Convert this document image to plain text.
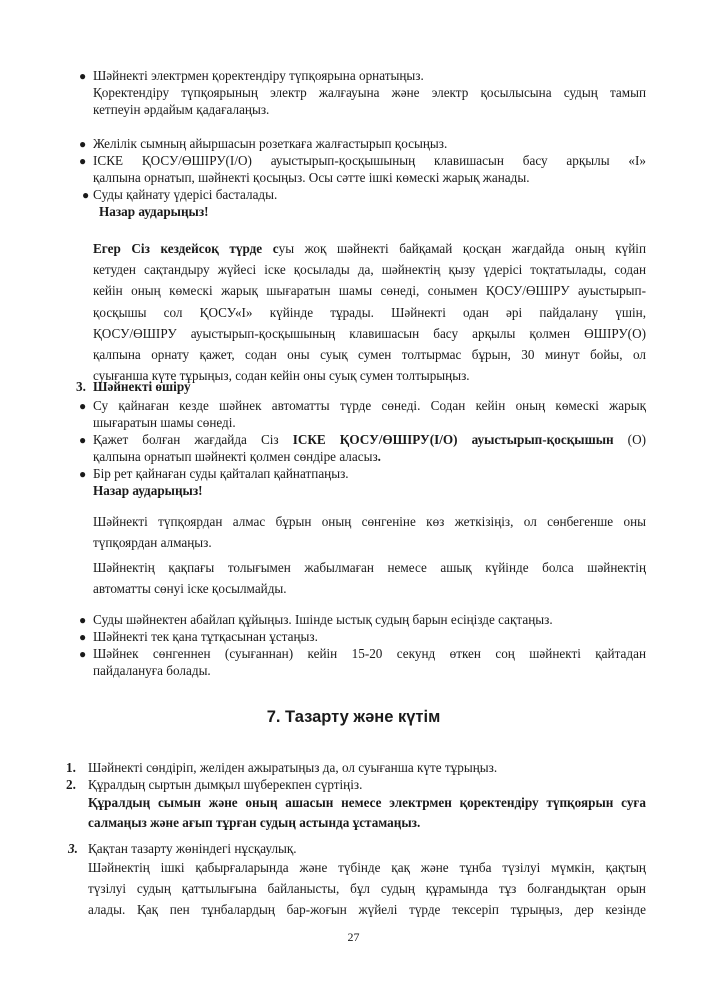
● Шәйнекті электрмен қоректендіру түпқоярына орнатыңыз.
Қоректендіру түпқоярының электр жалғауына және электр қосылысына судың тамып
кетпеуін әрдайым қадағалаңыз.
● Желілік сымның айыршасын розеткаға жалғастырып қосыңыз.
● ІСКЕ ҚОСУ/ӨШІРУ(I/O) ауыстырып-қосқышының клавишасын басу арқылы «I»
қалпына орнатып, шәйнекті қосыңыз. Осы сәтте ішкі көмескі жарық жанады.
● Суды қайнату үдерісі басталады.
Назар аударыңыз!
Егер Сіз кездейсоқ түрде суы жоқ шәйнекті байқамай қосқан жағдайда оның күйіп
кетуден сақтандыру жүйесі іске қосылады да, шәйнектің қызу үдерісі тоқтатылады, содан
кейін оның көмескі жарық шығаратын шамы сөнеді, сонымен ҚОСУ/ӨШІРУ ауыстырып-
қосқышы сол ҚОСУ«I» күйінде тұрады. Шәйнекті одан әрі пайдалану үшін,
ҚОСУ/ӨШІРУ ауыстырып-қосқышының клавишасын басу арқылы қолмен ӨШІРУ(О)
қалпына орнату қажет, содан оны суық сумен толтырмас бұрын, 30 минут бойы, ол
суығанша күте тұрыңыз, содан кейін оны суық сумен толтырыңыз.
3. Шәйнекті өшіру
● Су қайнаған кезде шәйнек автоматты түрде сөнеді. Содан кейін оның көмескі жарық
шығаратын шамы сөнеді.
● Қажет болған жағдайда Сіз ІСКЕ ҚОСУ/ӨШІРУ(I/O) ауыстырып-қосқышын (О)
қалпына орнатып шәйнекті қолмен сөндіре аласыз.
● Бір рет қайнаған суды қайталап қайнатпаңыз.
Назар аударыңыз!
Шәйнекті түпқоярдан алмас бұрын оның сөнгеніне көз жеткізіңіз, ол сөнбегенше оны
түпқоярдан алмаңыз.
Шәйнектің қақпағы толығымен жабылмаған немесе ашық күйінде болса шәйнектің
автоматты сөнуі іске қосылмайды.
● Суды шәйнектен абайлап құйыңыз. Ішінде ыстық судың барын есіңізде сақтаңыз.
● Шәйнекті тек қана тұтқасынан ұстаңыз.
● Шәйнек сөнгеннен (суығаннан) кейін 15-20 секунд өткен соң шәйнекті қайтадан
пайдалануға болады.
7. Тазарту және күтім
1. Шәйнекті сөндіріп, желіден ажыратыңыз да, ол суығанша күте тұрыңыз.
2. Құралдың сыртын дымқыл шүберекпен сүртіңіз.
Құралдың сымын және оның ашасын немесе электрмен қоректендіру түпқоярын суға
салмаңыз және ағып тұрған судың астында ұстамаңыз.
3. Қақтан тазарту жөніндегі нұсқаулық.
Шәйнектің ішкі қабырғаларында және түбінде қақ және тұнба түзілуі мүмкін, қақтың
түзілуі судың қаттылығына байланысты, бұл судың құрамында тұз болғандықтан орын
алады. Қақ пен тұнбалардың бар-жоғын жүйелі түрде тексеріп тұрыңыз, дер кезінде
27
